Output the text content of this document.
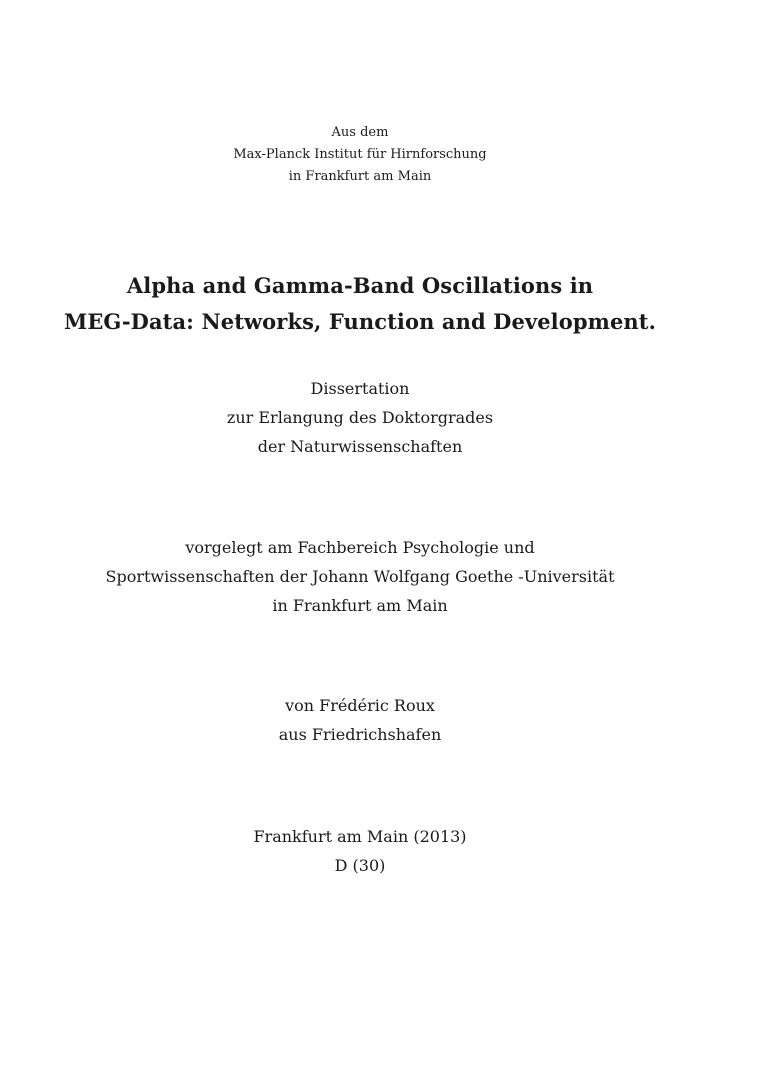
Aus dem
Max-Planck Institut für Hirnforschung
in Frankfurt am Main
Alpha and Gamma-Band Oscillations in
MEG-Data: Networks, Function and Development.
Dissertation
zur Erlangung des Doktorgrades
der Naturwissenschaften
vorgelegt am Fachbereich Psychologie und
Sportwissenschaften der Johann Wolfgang Goethe -Universität
in Frankfurt am Main
von Frédéric Roux
aus Friedrichshafen
Frankfurt am Main (2013)
D (30)
